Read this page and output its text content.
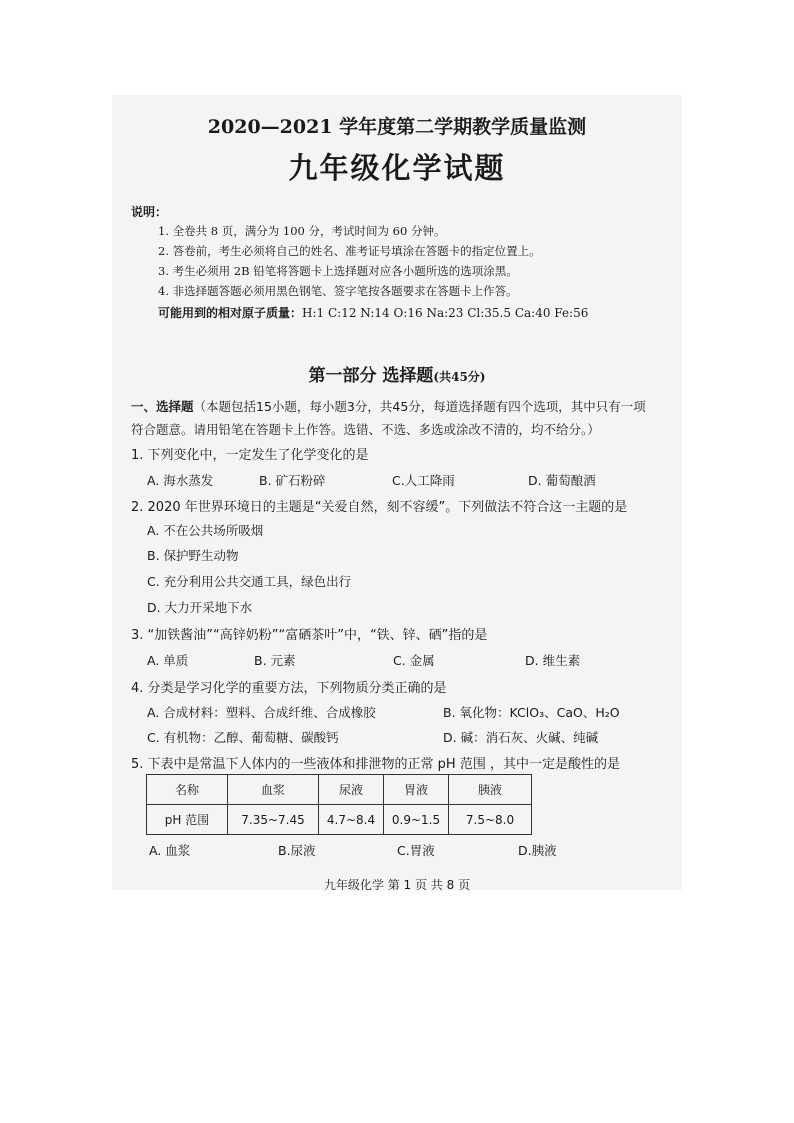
2020—2021 学年度第二学期教学质量监测
九年级化学试题
说明：
1. 全卷共 8 页，满分为 100 分，考试时间为 60 分钟。
2. 答卷前，考生必须将自己的姓名、准考证号填涂在答题卡的指定位置上。
3. 考生必须用 2B 铅笔将答题卡上选择题对应各小题所选的选项涂黑。
4. 非选择题答题必须用黑色钢笔、签字笔按各题要求在答题卡上作答。
可能用到的相对原子质量：H:1 C:12 N:14 O:16 Na:23 Cl:35.5 Ca:40 Fe:56
第一部分 选择题(共45分)
一、选择题（本题包括15小题，每小题3分，共45分，每道选择题有四个选项，其中只有一项
符合题意。请用铅笔在答题卡上作答。选错、不选、多选或涂改不清的，均不给分。）
1. 下列变化中，一定发生了化学变化的是
A. 海水蒸发	B. 矿石粉碎	C.人工降雨	D. 葡萄酿酒
2. 2020 年世界环境日的主题是“关爱自然，刻不容缓”。下列做法不符合这一主题的是
A. 不在公共场所吸烟
B. 保护野生动物
C. 充分利用公共交通工具，绿色出行
D. 大力开采地下水
3. “加铁酱油”“高锌奶粉”“富硒茶叶”中，“铁、锌、硒”指的是
A. 单质	B. 元素	C. 金属	D. 维生素
4. 分类是学习化学的重要方法，下列物质分类正确的是
A. 合成材料：塑料、合成纤维、合成橡胶	B. 氧化物：KClO₃、CaO、H₂O
C. 有机物：乙醇、葡萄糖、碳酸钙	D. 碱：消石灰、火碱、纯碱
5. 下表中是常温下人体内的一些液体和排泄物的正常 pH 范围 ，其中一定是酸性的是
名称	血浆	尿液	胃液	胰液
pH 范围	7.35~7.45	4.7~8.4	0.9~1.5	7.5~8.0
A. 血浆	B.尿液	C.胃液	D.胰液
九年级化学 第 1 页 共 8 页
